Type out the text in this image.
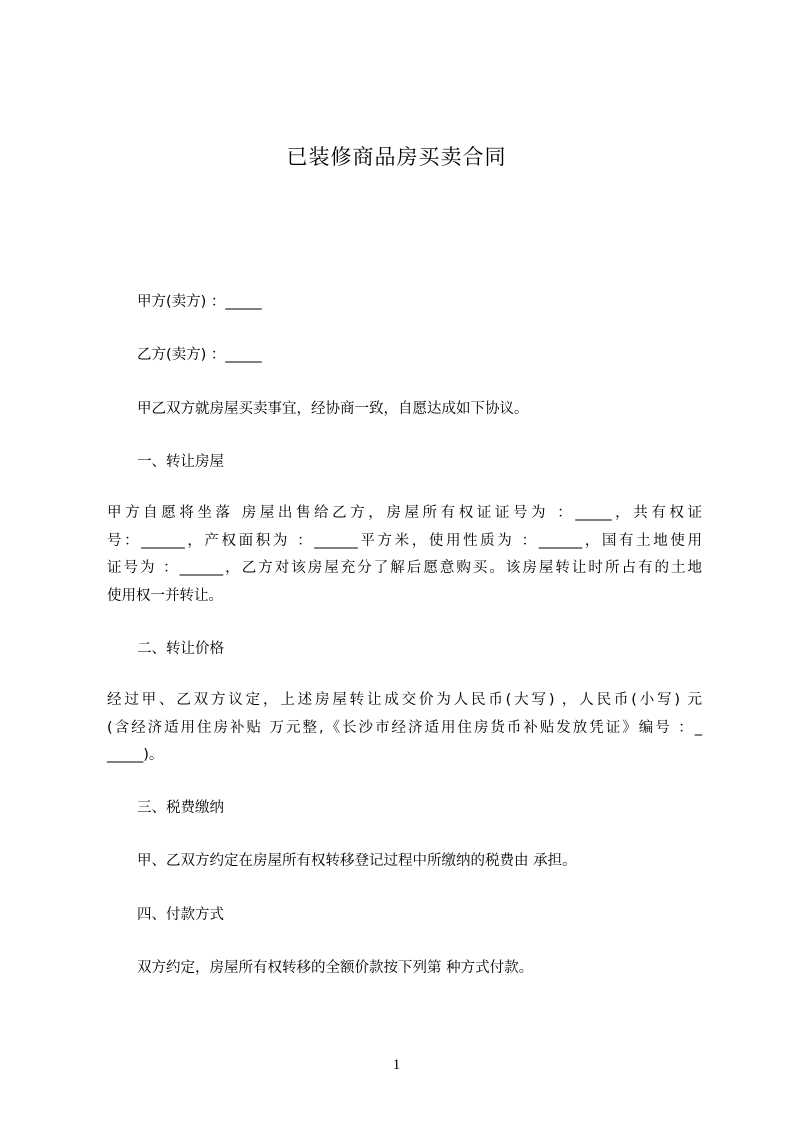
已装修商品房买卖合同
甲方(卖方) ：_____
乙方(卖方) ：_____
甲乙双方就房屋买卖事宜，经协商一致，自愿达成如下协议。
一、转让房屋
甲方自愿将坐落 房屋出售给乙方，房屋所有权证证号为 ：_____，共有权证
号：______，产权面积为 ：______平方米，使用性质为 ：______，国有土地使用
证号为 ：______，乙方对该房屋充分了解后愿意购买。该房屋转让时所占有的土地
使用权一并转让。
二、转让价格
经过甲、乙双方议定，上述房屋转让成交价为人民币(大写) ，人民币(小写) 元
(含经济适用住房补贴 万元整,《长沙市经济适用住房货币补贴发放凭证》编号 ：_
_____)。
三、税费缴纳
甲、乙双方约定在房屋所有权转移登记过程中所缴纳的税费由 承担。
四、付款方式
双方约定，房屋所有权转移的全额价款按下列第 种方式付款。
1
